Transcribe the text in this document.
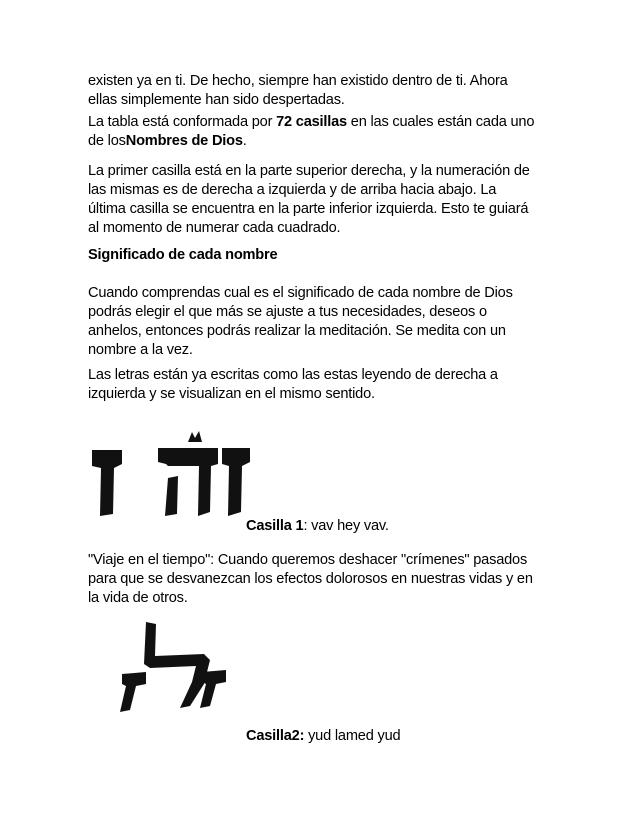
existen ya en ti. De hecho, siempre han existido dentro de ti. Ahora
ellas simplemente han sido despertadas.

La tabla está conformada por 72 casillas en las cuales están cada uno
de losNombres de Dios.

La primer casilla está en la parte superior derecha, y la numeración de
las mismas es de derecha a izquierda y de arriba hacia abajo. La
última casilla se encuentra en la parte inferior izquierda. Esto te guiará
al momento de numerar cada cuadrado.

Significado de cada nombre

Cuando comprendas cual es el significado de cada nombre de Dios
podrás elegir el que más se ajuste a tus necesidades, deseos o
anhelos, entonces podrás realizar la meditación. Se medita con un
nombre a la vez.

Las letras están ya escritas como las estas leyendo de derecha a
izquierda y se visualizan en el mismo sentido.

Casilla 1: vav hey vav.

"Viaje en el tiempo": Cuando queremos deshacer "crímenes" pasados
para que se desvanezcan los efectos dolorosos en nuestras vidas y en
la vida de otros.

Casilla2: yud lamed yud
